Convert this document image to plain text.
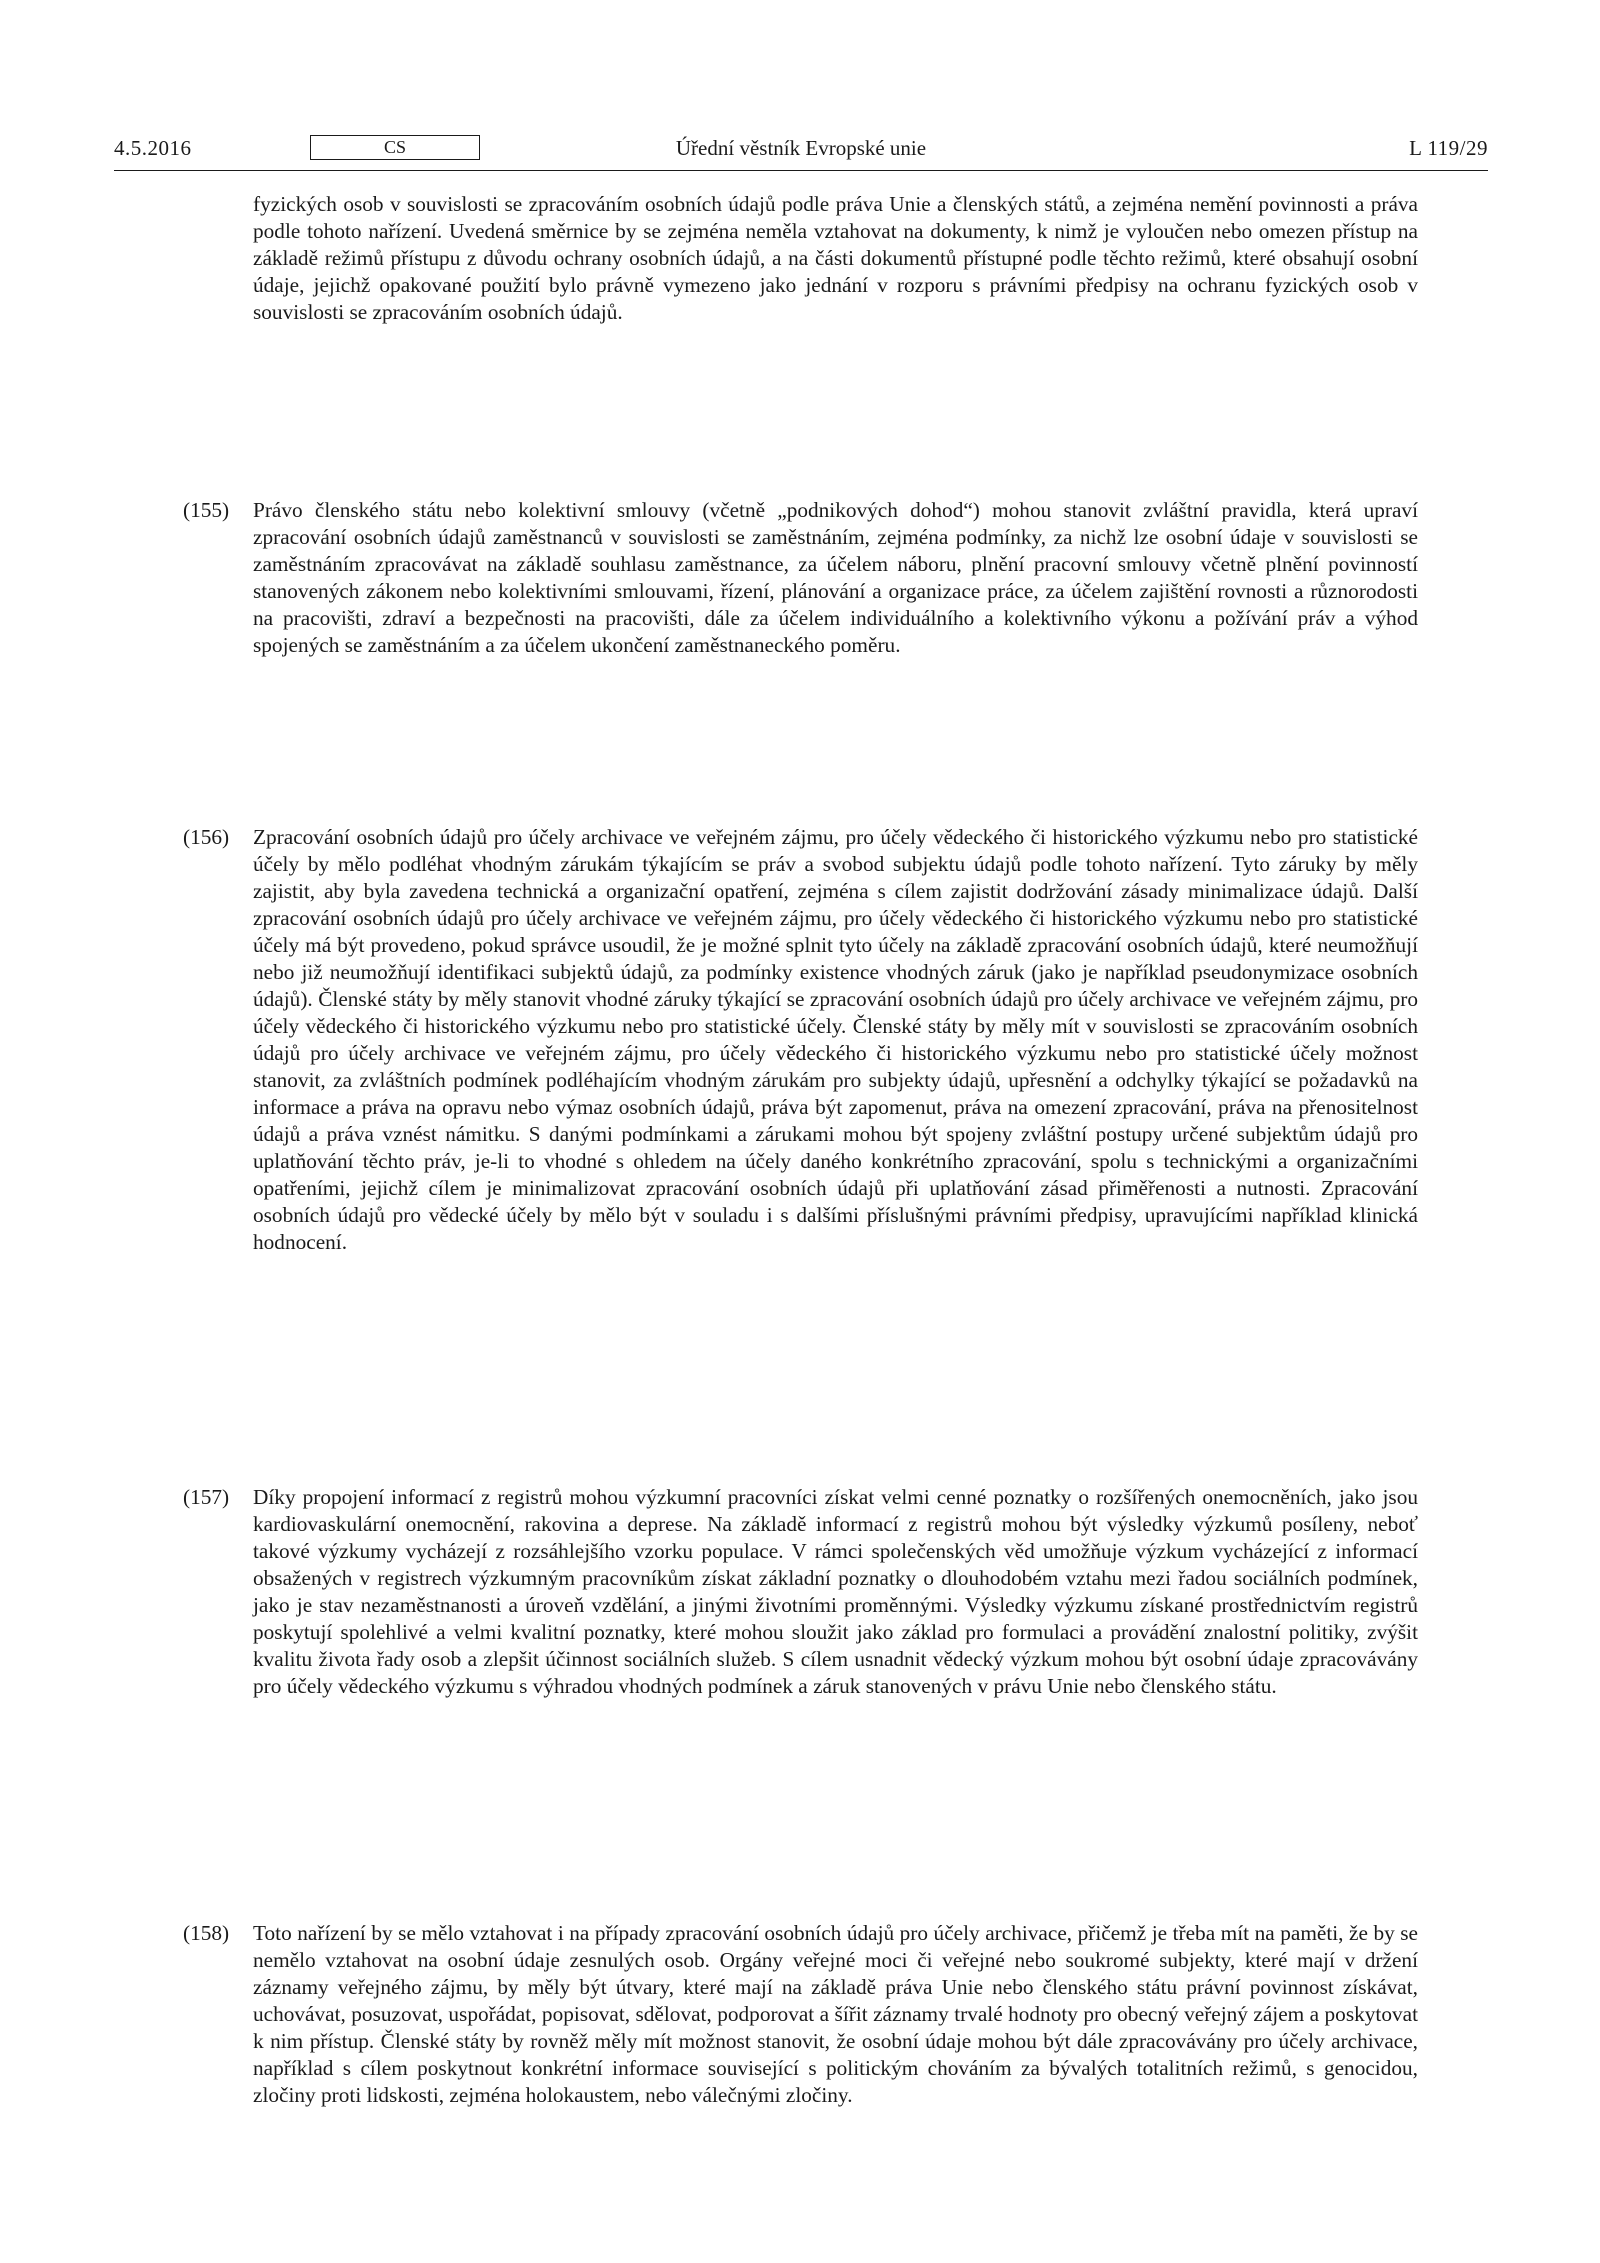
4.5.2016	CS	Úřední věstník Evropské unie	L 119/29
fyzických osob v souvislosti se zpracováním osobních údajů podle práva Unie a členských států, a zejména nemění povinnosti a práva podle tohoto nařízení. Uvedená směrnice by se zejména neměla vztahovat na dokumenty, k nimž je vyloučen nebo omezen přístup na základě režimů přístupu z důvodu ochrany osobních údajů, a na části dokumentů přístupné podle těchto režimů, které obsahují osobní údaje, jejichž opakované použití bylo právně vymezeno jako jednání v rozporu s právními předpisy na ochranu fyzických osob v souvislosti se zpracováním osobních údajů.
(155) Právo členského státu nebo kolektivní smlouvy (včetně „podnikových dohod“) mohou stanovit zvláštní pravidla, která upraví zpracování osobních údajů zaměstnanců v souvislosti se zaměstnáním, zejména podmínky, za nichž lze osobní údaje v souvislosti se zaměstnáním zpracovávat na základě souhlasu zaměstnance, za účelem náboru, plnění pracovní smlouvy včetně plnění povinností stanovených zákonem nebo kolektivními smlouvami, řízení, plánování a organizace práce, za účelem zajištění rovnosti a různorodosti na pracovišti, zdraví a bezpečnosti na pracovišti, dále za účelem individuálního a kolektivního výkonu a požívání práv a výhod spojených se zaměstnáním a za účelem ukončení zaměstnaneckého poměru.
(156) Zpracování osobních údajů pro účely archivace ve veřejném zájmu, pro účely vědeckého či historického výzkumu nebo pro statistické účely by mělo podléhat vhodným zárukám týkajícím se práv a svobod subjektu údajů podle tohoto nařízení. Tyto záruky by měly zajistit, aby byla zavedena technická a organizační opatření, zejména s cílem zajistit dodržování zásady minimalizace údajů. Další zpracování osobních údajů pro účely archivace ve veřejném zájmu, pro účely vědeckého či historického výzkumu nebo pro statistické účely má být provedeno, pokud správce usoudil, že je možné splnit tyto účely na základě zpracování osobních údajů, které neumožňují nebo již neumožňují identifikaci subjektů údajů, za podmínky existence vhodných záruk (jako je například pseudonymizace osobních údajů). Členské státy by měly stanovit vhodné záruky týkající se zpracování osobních údajů pro účely archivace ve veřejném zájmu, pro účely vědeckého či historického výzkumu nebo pro statistické účely. Členské státy by měly mít v souvislosti se zpracováním osobních údajů pro účely archivace ve veřejném zájmu, pro účely vědeckého či historického výzkumu nebo pro statistické účely možnost stanovit, za zvláštních podmínek podléhajícím vhodným zárukám pro subjekty údajů, upřesnění a odchylky týkající se požadavků na informace a práva na opravu nebo výmaz osobních údajů, práva být zapomenut, práva na omezení zpracování, práva na přenositelnost údajů a práva vznést námitku. S danými podmínkami a zárukami mohou být spojeny zvláštní postupy určené subjektům údajů pro uplatňování těchto práv, je-li to vhodné s ohledem na účely daného konkrétního zpracování, spolu s technickými a organizačními opatřeními, jejichž cílem je minimalizovat zpracování osobních údajů při uplatňování zásad přiměřenosti a nutnosti. Zpracování osobních údajů pro vědecké účely by mělo být v souladu i s dalšími příslušnými právními předpisy, upravujícími například klinická hodnocení.
(157) Díky propojení informací z registrů mohou výzkumní pracovníci získat velmi cenné poznatky o rozšířených onemocněních, jako jsou kardiovaskulární onemocnění, rakovina a deprese. Na základě informací z registrů mohou být výsledky výzkumů posíleny, neboť takové výzkumy vycházejí z rozsáhlejšího vzorku populace. V rámci společenských věd umožňuje výzkum vycházející z informací obsažených v registrech výzkumným pracovníkům získat základní poznatky o dlouhodobém vztahu mezi řadou sociálních podmínek, jako je stav nezaměstnanosti a úroveň vzdělání, a jinými životními proměnnými. Výsledky výzkumu získané prostřednictvím registrů poskytují spolehlivé a velmi kvalitní poznatky, které mohou sloužit jako základ pro formulaci a provádění znalostní politiky, zvýšit kvalitu života řady osob a zlepšit účinnost sociálních služeb. S cílem usnadnit vědecký výzkum mohou být osobní údaje zpracovávány pro účely vědeckého výzkumu s výhradou vhodných podmínek a záruk stanovených v právu Unie nebo členského státu.
(158) Toto nařízení by se mělo vztahovat i na případy zpracování osobních údajů pro účely archivace, přičemž je třeba mít na paměti, že by se nemělo vztahovat na osobní údaje zesnulých osob. Orgány veřejné moci či veřejné nebo soukromé subjekty, které mají v držení záznamy veřejného zájmu, by měly být útvary, které mají na základě práva Unie nebo členského státu právní povinnost získávat, uchovávat, posuzovat, uspořádat, popisovat, sdělovat, podporovat a šířit záznamy trvalé hodnoty pro obecný veřejný zájem a poskytovat k nim přístup. Členské státy by rovněž měly mít možnost stanovit, že osobní údaje mohou být dále zpracovávány pro účely archivace, například s cílem poskytnout konkrétní informace související s politickým chováním za bývalých totalitních režimů, s genocidou, zločiny proti lidskosti, zejména holokaustem, nebo válečnými zločiny.
